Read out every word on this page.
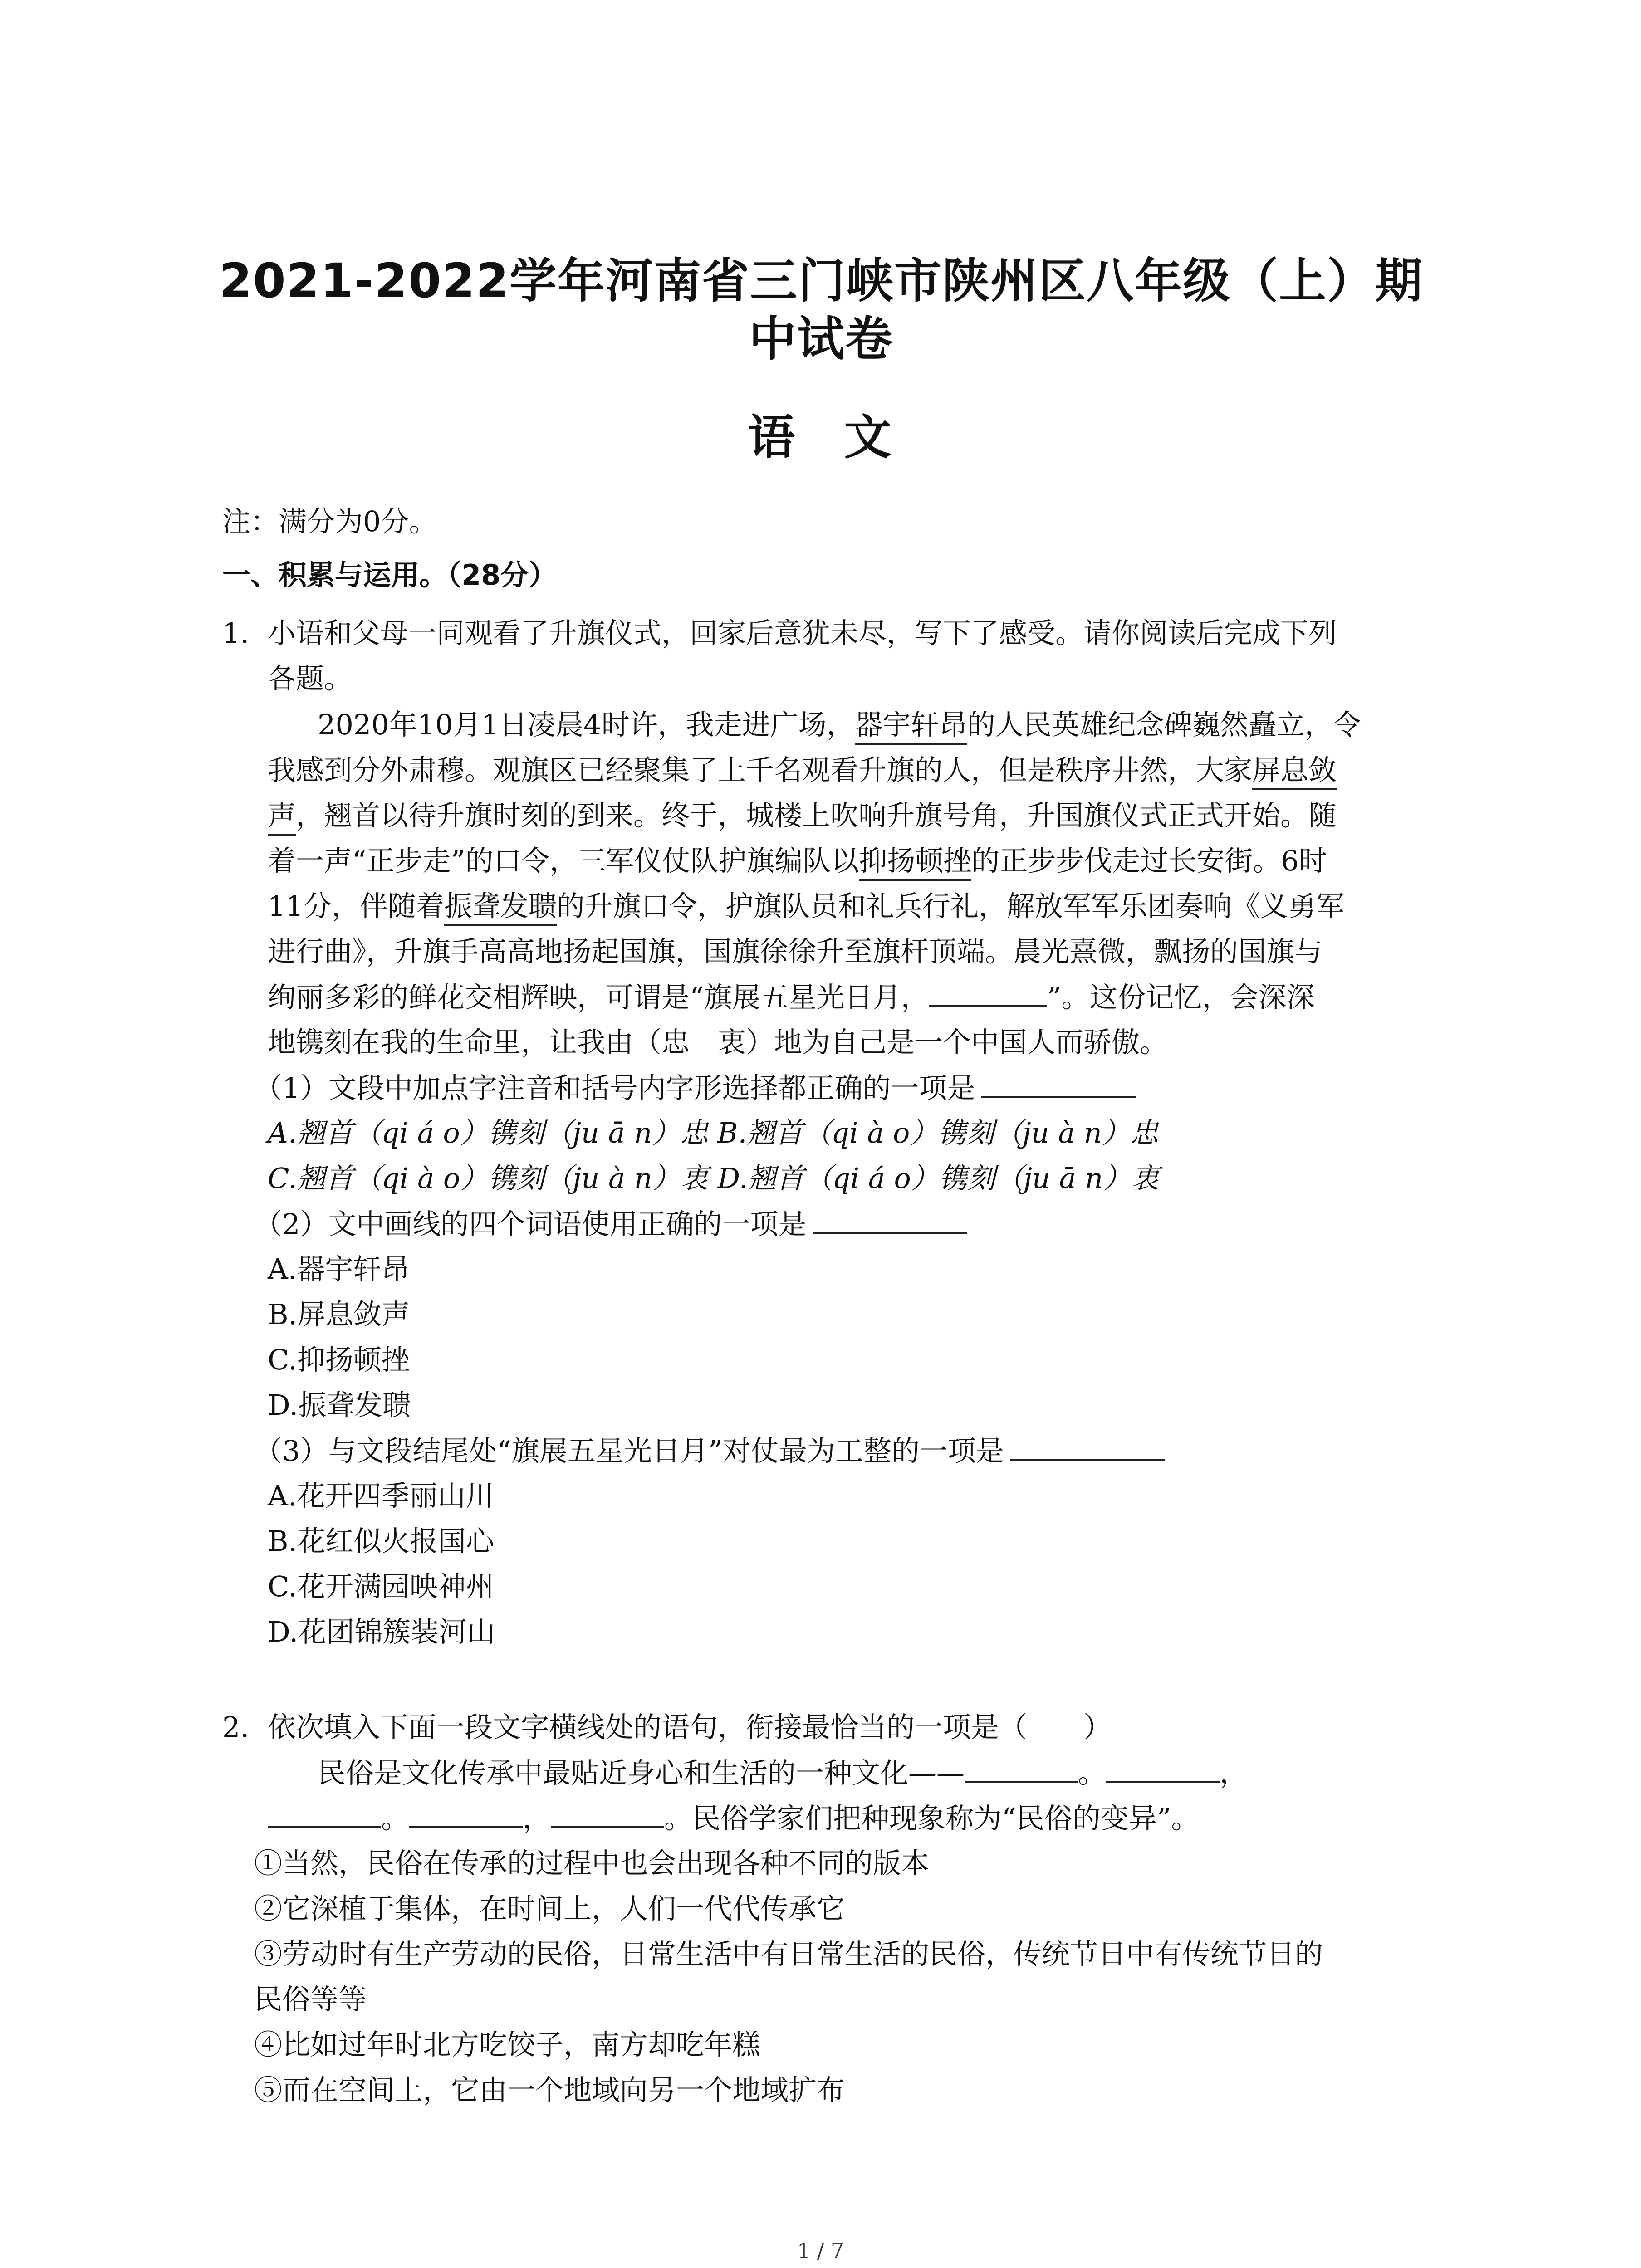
2021-2022学年河南省三门峡市陕州区八年级（上）期
中试卷
语 文
注：满分为0分。
一、积累与运用。（28分）
1. 小语和父母一同观看了升旗仪式，回家后意犹未尽，写下了感受。请你阅读后完成下列
各题。
2020年10月1日凌晨4时许，我走进广场，器宇轩昂的人民英雄纪念碑巍然矗立，令
我感到分外肃穆。观旗区已经聚集了上千名观看升旗的人，但是秩序井然，大家屏息敛
声，翘首以待升旗时刻的到来。终于，城楼上吹响升旗号角，升国旗仪式正式开始。随
着一声“正步走”的口令，三军仪仗队护旗编队以抑扬顿挫的正步步伐走过长安街。6时
11分，伴随着振聋发聩的升旗口令，护旗队员和礼兵行礼，解放军军乐团奏响《义勇军
进行曲》，升旗手高高地扬起国旗，国旗徐徐升至旗杆顶端。晨光熹微，飘扬的国旗与
绚丽多彩的鲜花交相辉映，可谓是“旗展五星光日月，	”。这份记忆，会深深
地镌刻在我的生命里，让我由（忠　衷）地为自己是一个中国人而骄傲。
（1）文段中加点字注音和括号内字形选择都正确的一项是
A.翘首（qi á o）镌刻（ju ā n）忠 B.翘首（qi à o）镌刻（ju à n）忠
C.翘首（qi à o）镌刻（ju à n）衷 D.翘首（qi á o）镌刻（ju ā n）衷
（2）文中画线的四个词语使用正确的一项是
A.器宇轩昂
B.屏息敛声
C.抑扬顿挫
D.振聋发聩
（3）与文段结尾处“旗展五星光日月”对仗最为工整的一项是
A.花开四季丽山川
B.花红似火报国心
C.花开满园映神州
D.花团锦簇装河山
2. 依次填入下面一段文字横线处的语句，衔接最恰当的一项是（　　）
民俗是文化传承中最贴近身心和生活的一种文化——	。	，
。	，	。民俗学家们把种现象称为“民俗的变异”。
①当然，民俗在传承的过程中也会出现各种不同的版本
②它深植于集体，在时间上，人们一代代传承它
③劳动时有生产劳动的民俗，日常生活中有日常生活的民俗，传统节日中有传统节日的
民俗等等
④比如过年时北方吃饺子，南方却吃年糕
⑤而在空间上，它由一个地域向另一个地域扩布
1 / 7
